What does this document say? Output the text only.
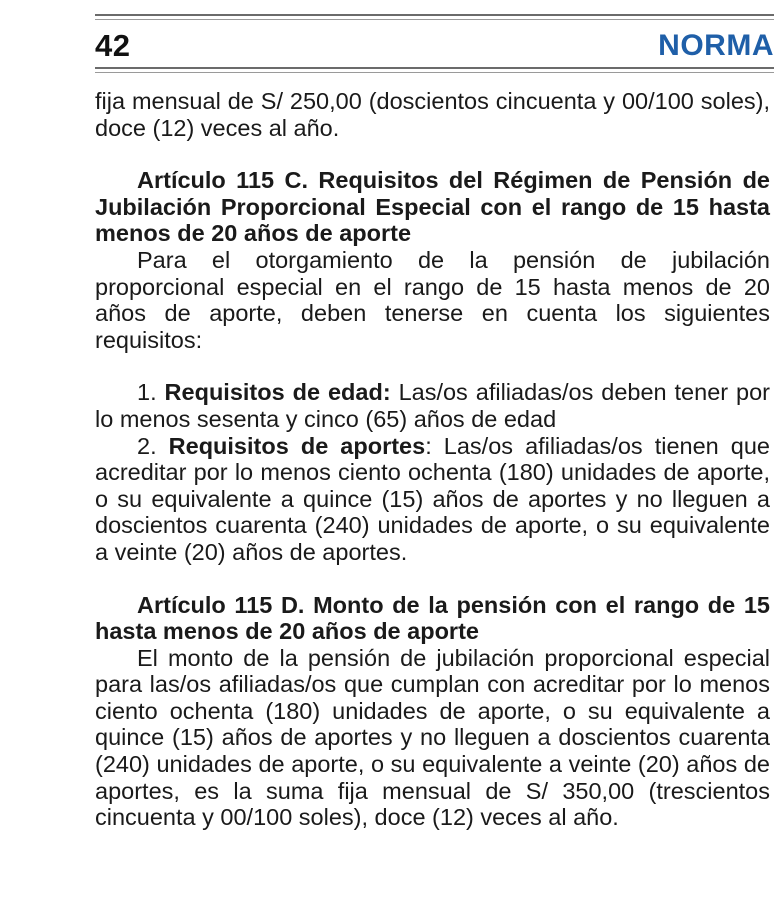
42	NORMA

fija mensual de S/ 250,00 (doscientos cincuenta y 00/100 soles), doce (12) veces al año.

Artículo 115 C. Requisitos del Régimen de Pensión de Jubilación Proporcional Especial con el rango de 15 hasta menos de 20 años de aporte

Para el otorgamiento de la pensión de jubilación proporcional especial en el rango de 15 hasta menos de 20 años de aporte, deben tenerse en cuenta los siguientes requisitos:

1. Requisitos de edad: Las/os afiliadas/os deben tener por lo menos sesenta y cinco (65) años de edad

2. Requisitos de aportes: Las/os afiliadas/os tienen que acreditar por lo menos ciento ochenta (180) unidades de aporte, o su equivalente a quince (15) años de aportes y no lleguen a doscientos cuarenta (240) unidades de aporte, o su equivalente a veinte (20) años de aportes.

Artículo 115 D. Monto de la pensión con el rango de 15 hasta menos de 20 años de aporte

El monto de la pensión de jubilación proporcional especial para las/os afiliadas/os que cumplan con acreditar por lo menos ciento ochenta (180) unidades de aporte, o su equivalente a quince (15) años de aportes y no lleguen a doscientos cuarenta (240) unidades de aporte, o su equivalente a veinte (20) años de aportes, es la suma fija mensual de S/ 350,00 (trescientos cincuenta y 00/100 soles), doce (12) veces al año.
